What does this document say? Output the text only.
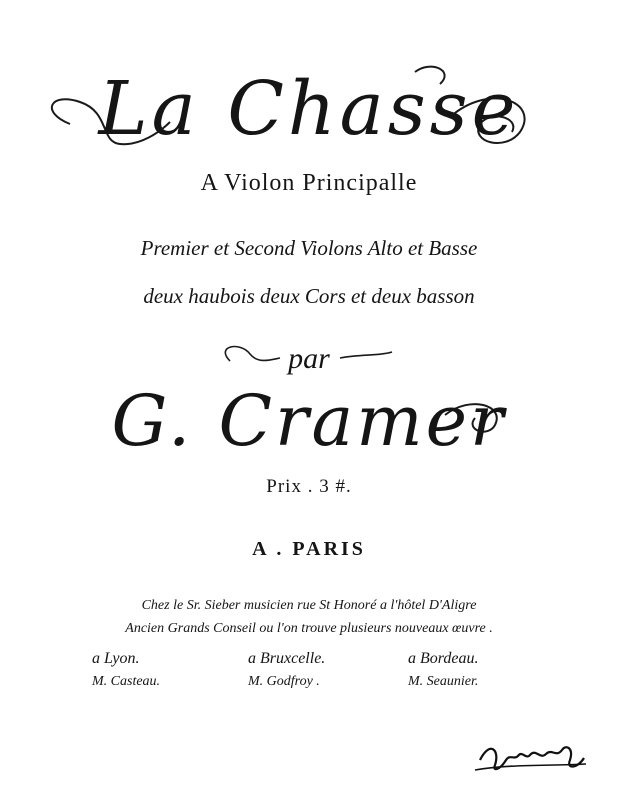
La Chasse
A Violon Principalle
Premier et Second Violons Alto et Basse
deux haubois deux Cors et deux basson
par
G. Cramer
Prix . 3 #.
A . PARIS
Chez le Sr. Sieber musicien rue St Honoré a l'hôtel D'Aligre
Ancien Grands Conseil ou l'on trouve plusieurs nouveaux œuvre .
a Lyon.
M. Casteau.
a Bruxcelle.
M. Godfroy .
a Bordeau.
M. Seaunier.
